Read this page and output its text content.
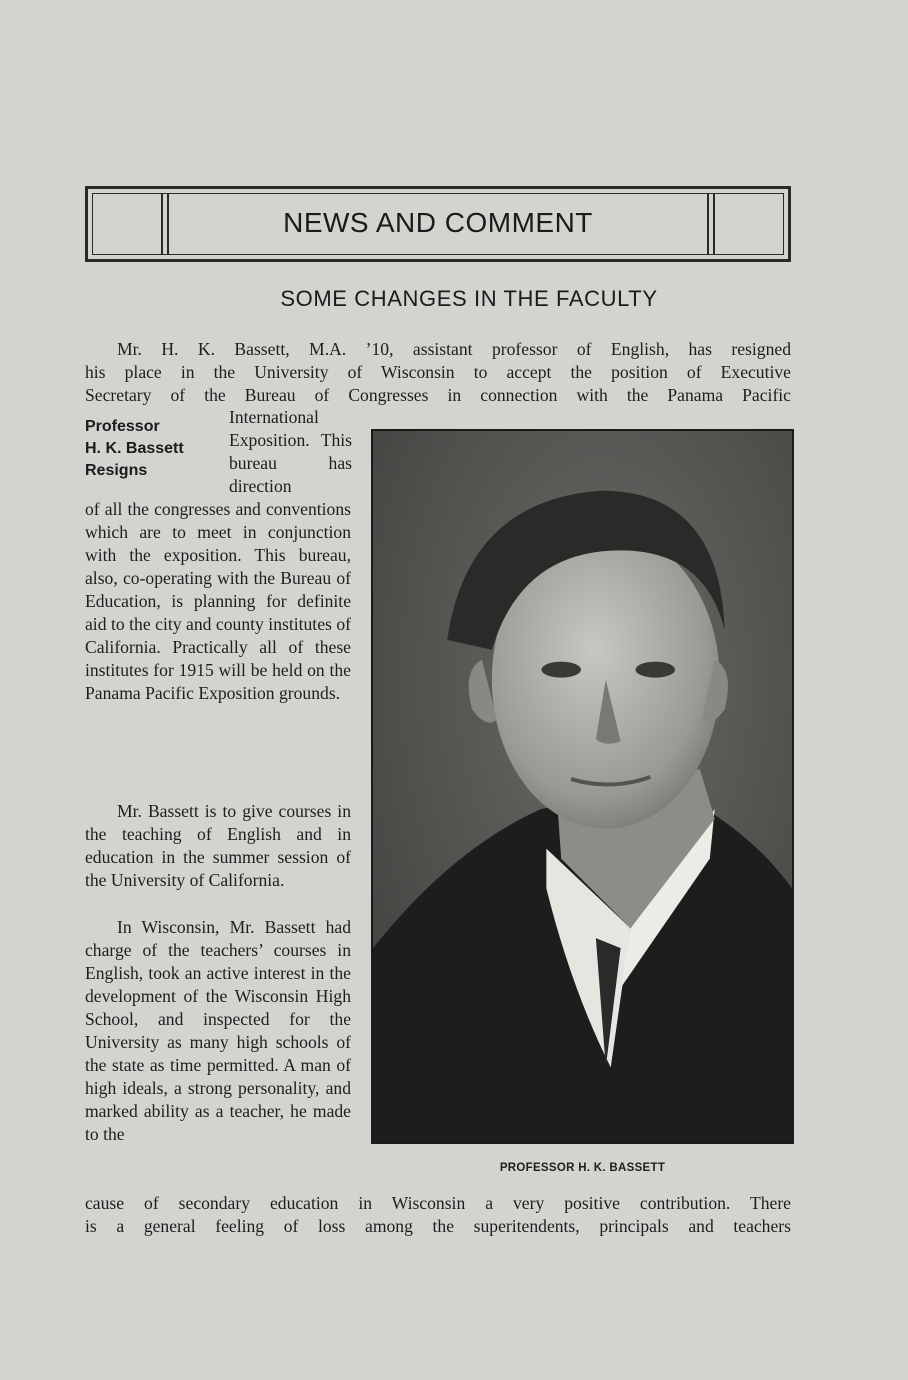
NEWS AND COMMENT
SOME CHANGES IN THE FACULTY
Mr. H. K. Bassett, M.A. ’10, assistant professor of English, has resigned
his place in the University of Wisconsin to accept the position of Executive
Secretary of the Bureau of Congresses in connection with the Panama Pacific
Professor
H. K. Bassett
Resigns
International Exposition. This bureau has direction
of all the congresses and conventions which are to meet in conjunction with the exposition. This bureau, also, co-operating with the Bureau of Education, is planning for definite aid to the city and county institutes of California. Practically all of these institutes for 1915 will be held on the Panama Pacific Exposition grounds.
Mr. Bassett is to give courses in the teaching of English and in education in the summer session of the University of California.
In Wisconsin, Mr. Bassett had charge of the teachers’ courses in English, took an active interest in the development of the Wisconsin High School, and inspected for the University as many high schools of the state as time permitted. A man of high ideals, a strong personality, and marked ability as a teacher, he made to the
PROFESSOR H. K. BASSETT
cause of secondary education in Wisconsin a very positive contribution. There
is a general feeling of loss among the superitendents, principals and teachers
